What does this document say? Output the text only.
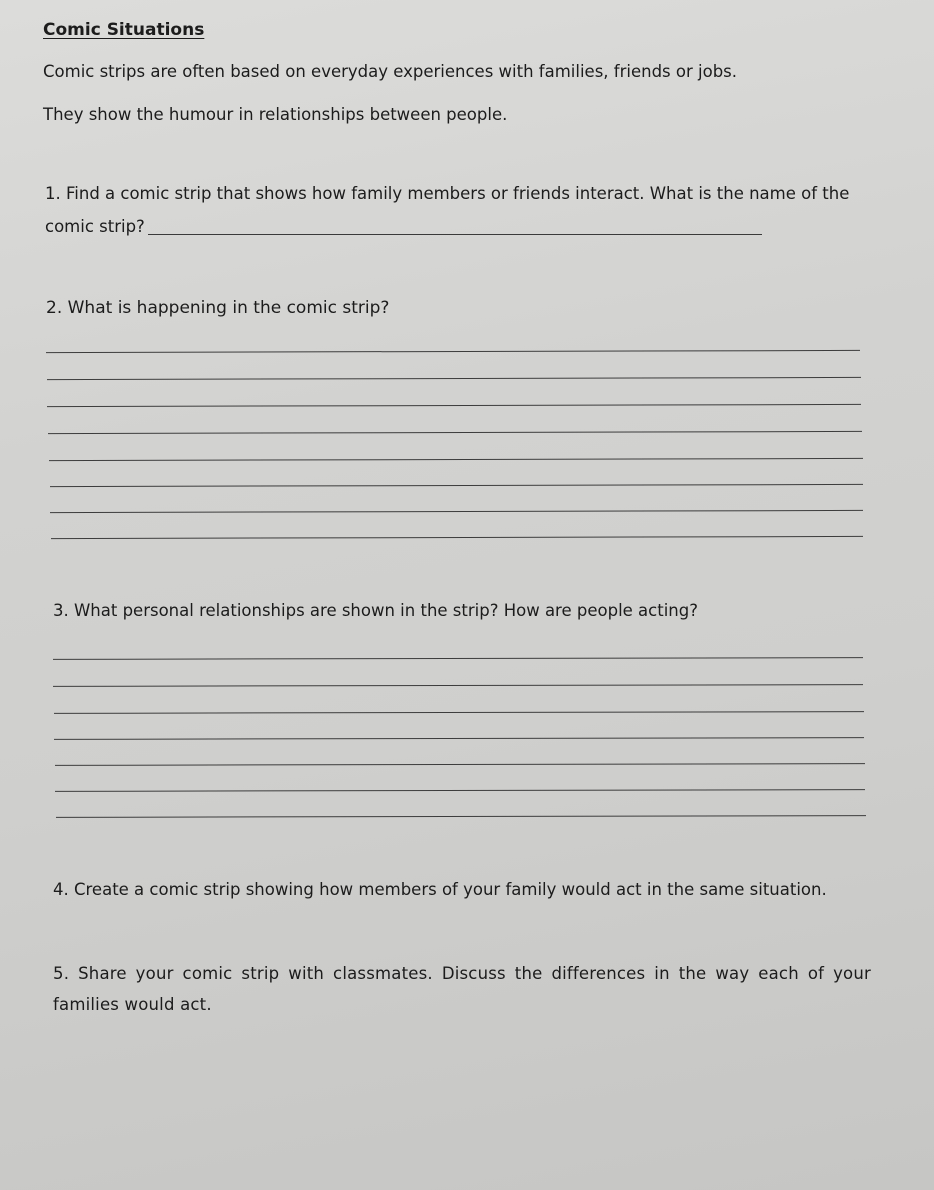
Comic Situations
Comic strips are often based on everyday experiences with families, friends or jobs.
They show the humour in relationships between people.
1. Find a comic strip that shows how family members or friends interact. What is the name of the
comic strip?
2. What is happening in the comic strip?
3. What personal relationships are shown in the strip? How are people acting?
4. Create a comic strip showing how members of your family would act in the same situation.
5. Share your comic strip with classmates. Discuss the differences in the way each of your families would act.
